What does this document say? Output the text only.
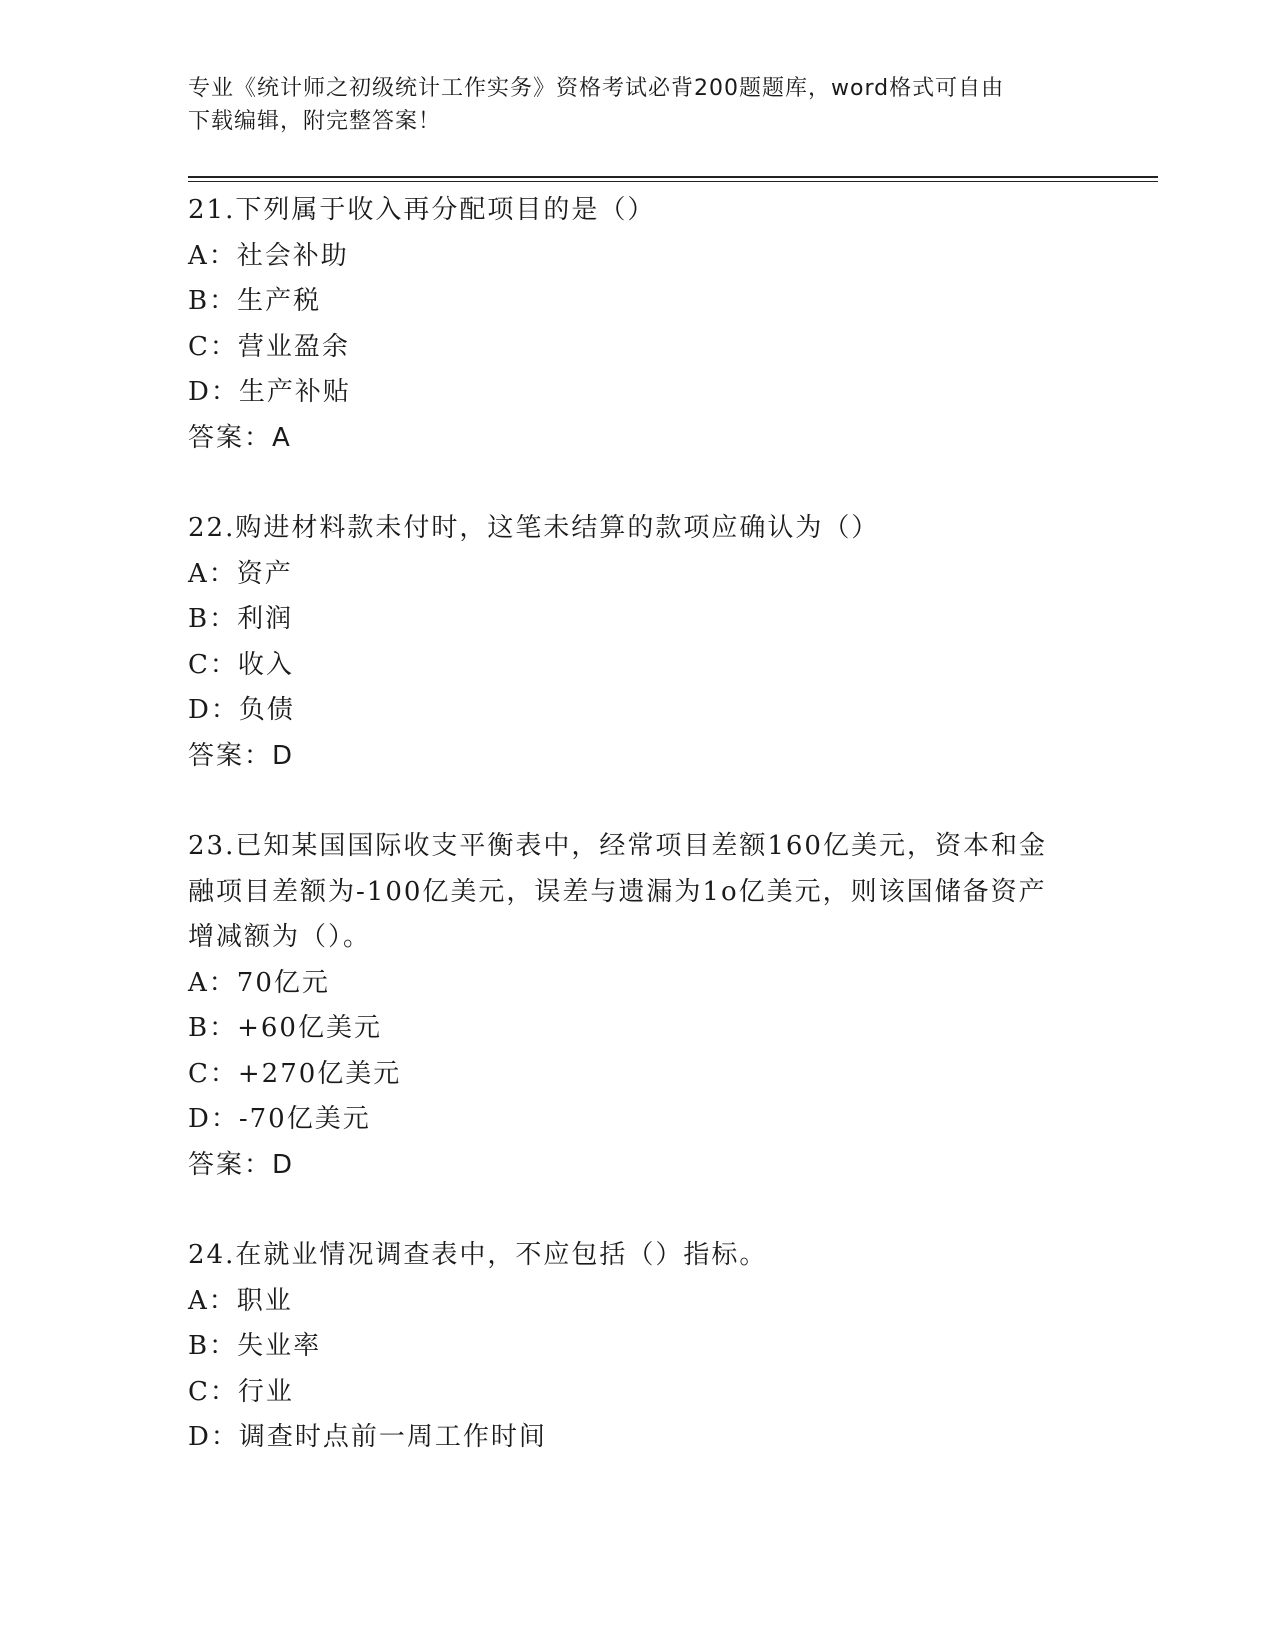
专业《统计师之初级统计工作实务》资格考试必背200题题库，word格式可自由
下载编辑，附完整答案！
21.下列属于收入再分配项目的是（）
A：社会补助
B：生产税
C：营业盈余
D：生产补贴
答案：A
22.购进材料款未付时，这笔未结算的款项应确认为（）
A：资产
B：利润
C：收入
D：负债
答案：D
23.已知某国国际收支平衡表中，经常项目差额160亿美元，资本和金
融项目差额为-100亿美元，误差与遗漏为1o亿美元，则该国储备资产
增减额为（）。
A：70亿元
B：+60亿美元
C：+270亿美元
D：-70亿美元
答案：D
24.在就业情况调查表中，不应包括（）指标。
A：职业
B：失业率
C：行业
D：调查时点前一周工作时间
